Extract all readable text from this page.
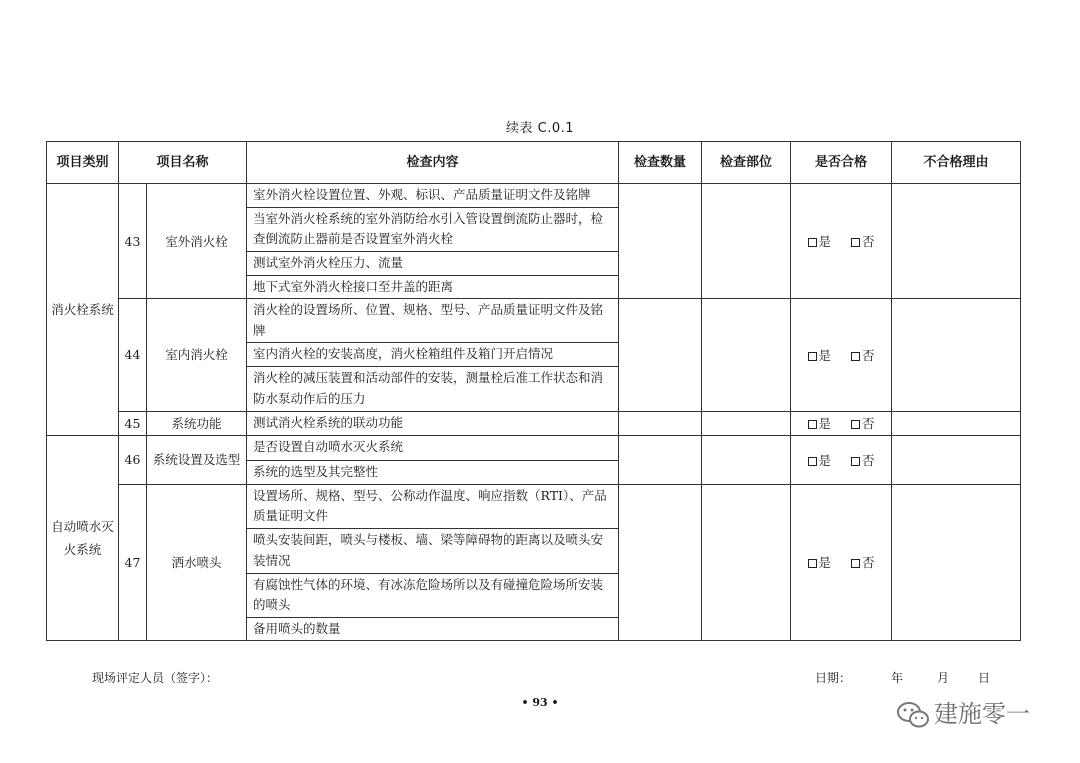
续表 C.0.1
项目类别	项目名称		检查内容	检查数量	检查部位	是否合格	不合格理由
消火栓系统	43	室外消火栓	室外消火栓设置位置、外观、标识、产品质量证明文件及铭牌			是 否	
			当室外消火栓系统的室外消防给水引入管设置倒流防止器时，检查倒流防止器前是否设置室外消火栓				
			测试室外消火栓压力、流量				
			地下式室外消火栓接口至井盖的距离				
	44	室内消火栓	消火栓的设置场所、位置、规格、型号、产品质量证明文件及铭牌			是 否	
			室内消火栓的安装高度，消火栓箱组件及箱门开启情况				
			消火栓的减压装置和活动部件的安装，测量栓后准工作状态和消防水泵动作后的压力				
	45	系统功能	测试消火栓系统的联动功能			是 否	
自动喷水灭火系统	46	系统设置及选型	是否设置自动喷水灭火系统			是 否	
			系统的选型及其完整性				
	47	洒水喷头	设置场所、规格、型号、公称动作温度、响应指数（RTI）、产品质量证明文件			是 否	
			喷头安装间距，喷头与楼板、墙、梁等障碍物的距离以及喷头安装情况				
			有腐蚀性气体的环境、有冰冻危险场所以及有碰撞危险场所安装的喷头				
			备用喷头的数量				
现场评定人员（签字）：	日期：	年	月 日
• 93 •	建施零一
